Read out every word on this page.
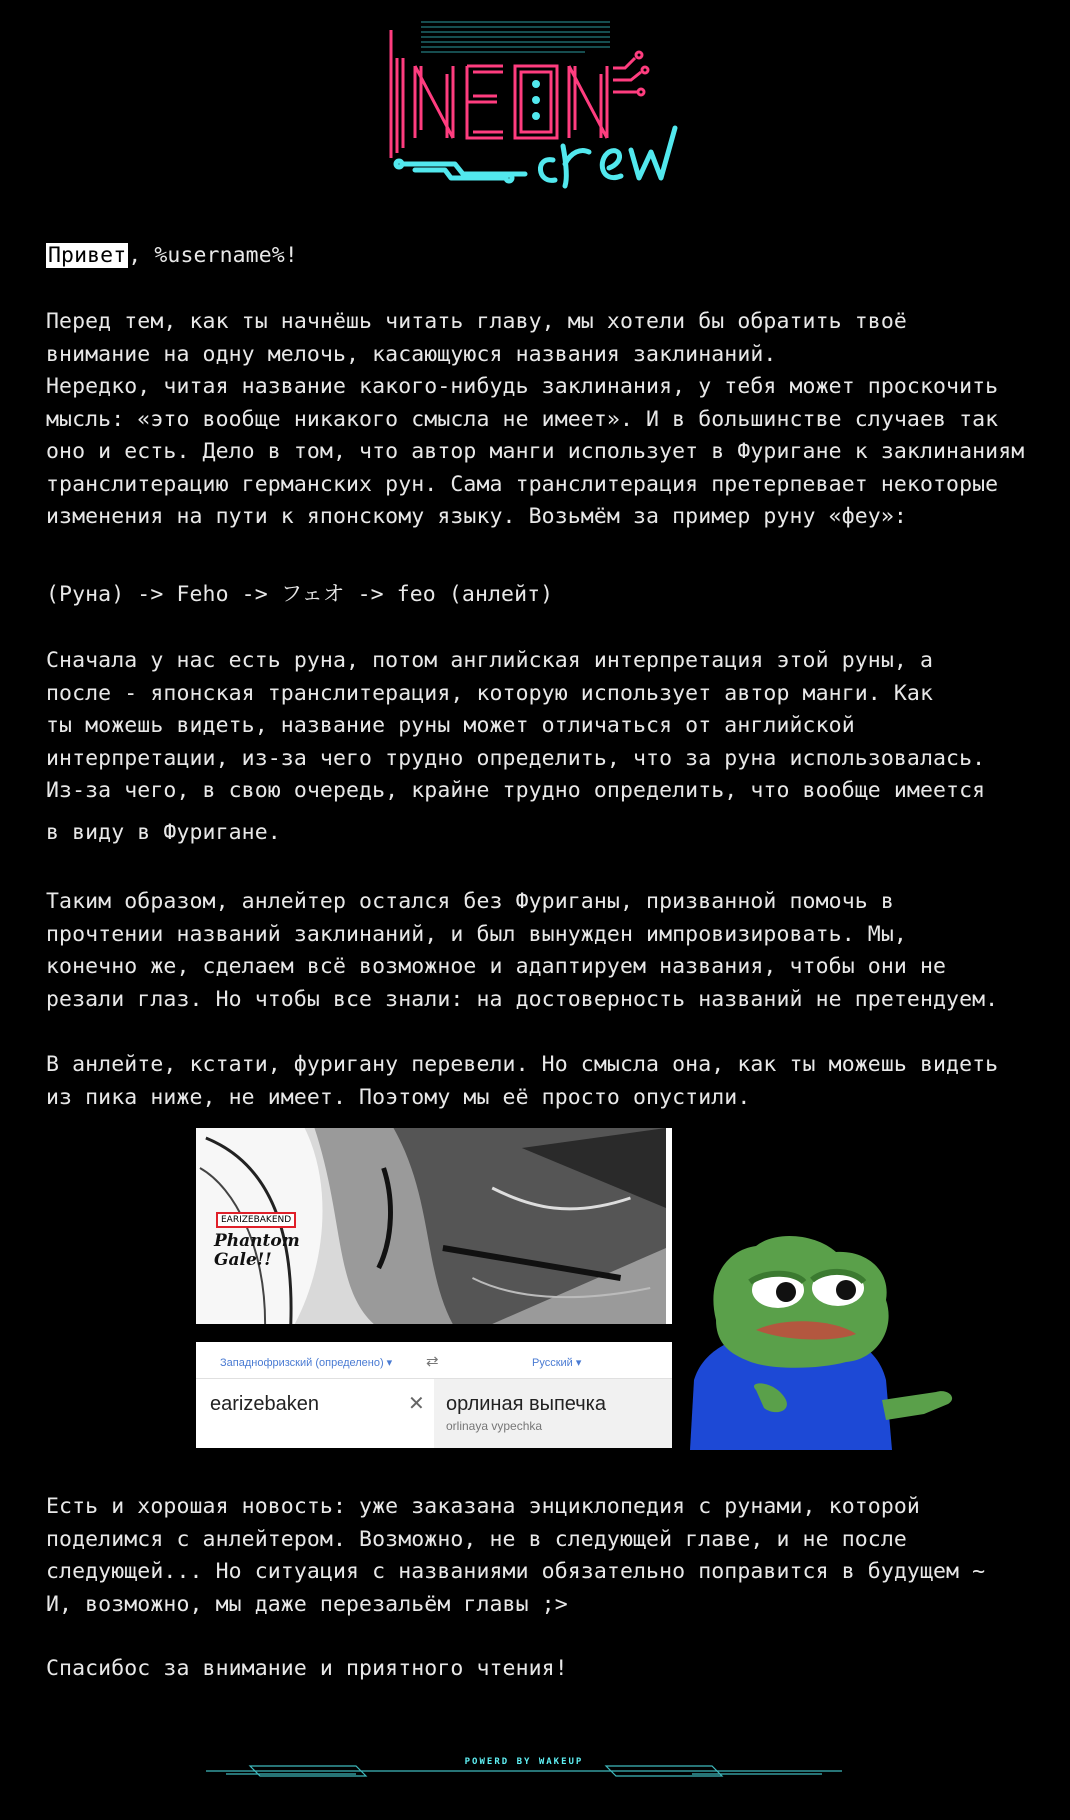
Привет, %username%!
Перед тем, как ты начнёшь читать главу, мы хотели бы обратить твоё
внимание на одну мелочь, касающуюся названия заклинаний.
Нередко, читая название какого-нибудь заклинания, у тебя может проскочить
мысль: «это вообще никакого смысла не имеет». И в большинстве случаев так
оно и есть. Дело в том, что автор манги использует в Фуригане к заклинаниям
транслитерацию германских рун. Сама транслитерация претерпевает некоторые
изменения на пути к японскому языку. Возьмём за пример руну «феу»:
(Руна) -> Feho -> フェオ -> feo (анлейт)
Сначала у нас есть руна, потом английская интерпретация этой руны, а
после - японская транслитерация, которую использует автор манги. Как
ты можешь видеть, название руны может отличаться от английской
интерпретации, из-за чего трудно определить, что за руна использовалась.
Из-за чего, в свою очередь, крайне трудно определить, что вообще имеется
в виду в Фуригане.
Таким образом, анлейтер остался без Фуриганы, призванной помочь в
прочтении названий заклинаний, и был вынужден импровизировать. Мы,
конечно же, сделаем всё возможное и адаптируем названия, чтобы они не
резали глаз. Но чтобы все знали: на достоверность названий не претендуем.
В анлейте, кстати, фуригану перевели. Но смысла она, как ты можешь видеть
из пика ниже, не имеет. Поэтому мы её просто опустили.
EARIZEBAKEND
Phantom Gale!!
Западнофризский (определено) ▾ ⇄	Русский ▾
earizebaken	✕ орлиная выпечка
orlinaya vypechka
Есть и хорошая новость: уже заказана энциклопедия с рунами, которой
поделимся с анлейтером. Возможно, не в следующей главе, и не после
следующей... Но ситуация с названиями обязательно поправится в будущем ~
И, возможно, мы даже перезальём главы ;>
Спасибос за внимание и приятного чтения!
POWERD BY WAKEUP
